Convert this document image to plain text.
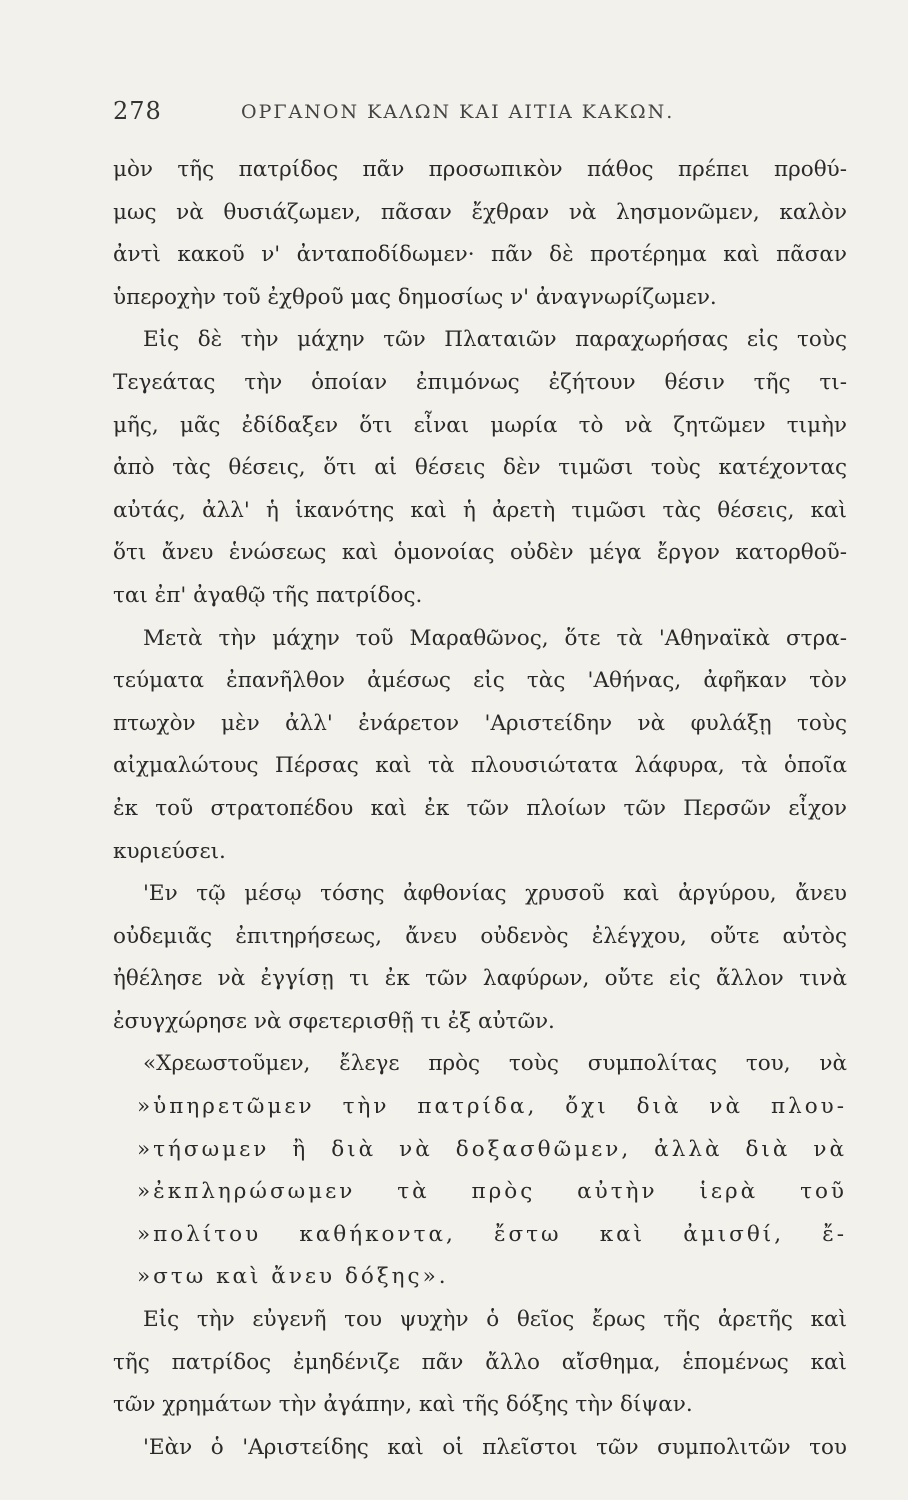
278	ΟΡΓΑΝΟΝ ΚΑΛΩΝ ΚΑΙ ΑΙΤΙΑ ΚΑΚΩΝ.
μὸν τῆς πατρίδος πᾶν προσωπικὸν πάθος πρέπει προθύ-
μως νὰ θυσιάζωμεν, πᾶσαν ἔχθραν νὰ λησμονῶμεν, καλὸν
ἀντὶ κακοῦ ν' ἀνταποδίδωμεν· πᾶν δὲ προτέρημα καὶ πᾶσαν
ὑπεροχὴν τοῦ ἐχθροῦ μας δημοσίως ν' ἀναγνωρίζωμεν.
Εἰς δὲ τὴν μάχην τῶν Πλαταιῶν παραχωρήσας εἰς τοὺς
Τεγεάτας τὴν ὁποίαν ἐπιμόνως ἐζήτουν θέσιν τῆς τι-
μῆς, μᾶς ἐδίδαξεν ὅτι εἶναι μωρία τὸ νὰ ζητῶμεν τιμὴν
ἀπὸ τὰς θέσεις, ὅτι αἱ θέσεις δὲν τιμῶσι τοὺς κατέχοντας
αὐτάς, ἀλλ' ἡ ἱκανότης καὶ ἡ ἀρετὴ τιμῶσι τὰς θέσεις, καὶ
ὅτι ἄνευ ἑνώσεως καὶ ὁμονοίας οὐδὲν μέγα ἔργον κατορθοῦ-
ται ἐπ' ἀγαθῷ τῆς πατρίδος.
Μετὰ τὴν μάχην τοῦ Μαραθῶνος, ὅτε τὰ 'Αθηναϊκὰ στρα-
τεύματα ἐπανῆλθον ἀμέσως εἰς τὰς 'Αθήνας, ἀφῆκαν τὸν
πτωχὸν μὲν ἀλλ' ἐνάρετον 'Αριστείδην νὰ φυλάξῃ τοὺς
αἰχμαλώτους Πέρσας καὶ τὰ πλουσιώτατα λάφυρα, τὰ ὁποῖα
ἐκ τοῦ στρατοπέδου καὶ ἐκ τῶν πλοίων τῶν Περσῶν εἶχον
κυριεύσει.
'Εν τῷ μέσῳ τόσης ἀφθονίας χρυσοῦ καὶ ἀργύρου, ἄνευ
οὐδεμιᾶς ἐπιτηρήσεως, ἄνευ οὐδενὸς ἐλέγχου, οὔτε αὐτὸς
ἠθέλησε νὰ ἐγγίσῃ τι ἐκ τῶν λαφύρων, οὔτε εἰς ἄλλον τινὰ
ἐσυγχώρησε νὰ σφετερισθῇ τι ἐξ αὐτῶν.
«Χρεωστοῦμεν, ἔλεγε πρὸς τοὺς συμπολίτας του, νὰ
»ὑπηρετῶμεν τὴν πατρίδα, ὄχι διὰ νὰ πλου-
»τήσωμεν ἢ διὰ νὰ δοξασθῶμεν, ἀλλὰ διὰ νὰ
»ἐκπληρώσωμεν τὰ πρὸς αὐτὴν ἱερὰ τοῦ
»πολίτου καθήκοντα, ἔστω καὶ ἀμισθί, ἔ-
»στω καὶ ἄνευ δόξης».
Εἰς τὴν εὐγενῆ του ψυχὴν ὁ θεῖος ἔρως τῆς ἀρετῆς καὶ
τῆς πατρίδος ἐμηδένιζε πᾶν ἄλλο αἴσθημα, ἑπομένως καὶ
τῶν χρημάτων τὴν ἀγάπην, καὶ τῆς δόξης τὴν δίψαν.
'Εὰν ὁ 'Αριστείδης καὶ οἱ πλεῖστοι τῶν συμπολιτῶν του
